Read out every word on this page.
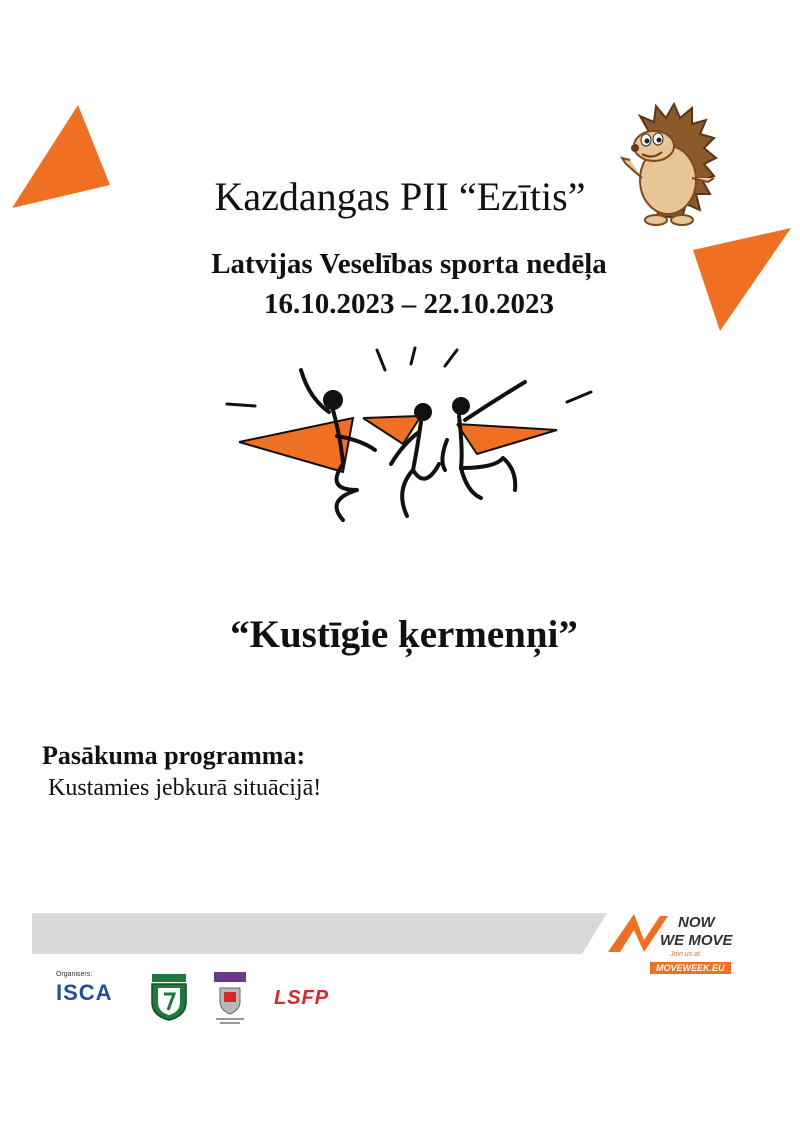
Kazdangas PII “Ezītis”
Latvijas Veselības sporta nedēļa
16.10.2023 – 22.10.2023
“Kustīgie ķermenņi”
Pasākuma programma:
Kustamies jebkurā situācijā!
NOW
WE MOVE
Join us at
MOVEWEEK.EU
Organisers:
ISCA	LSFP
